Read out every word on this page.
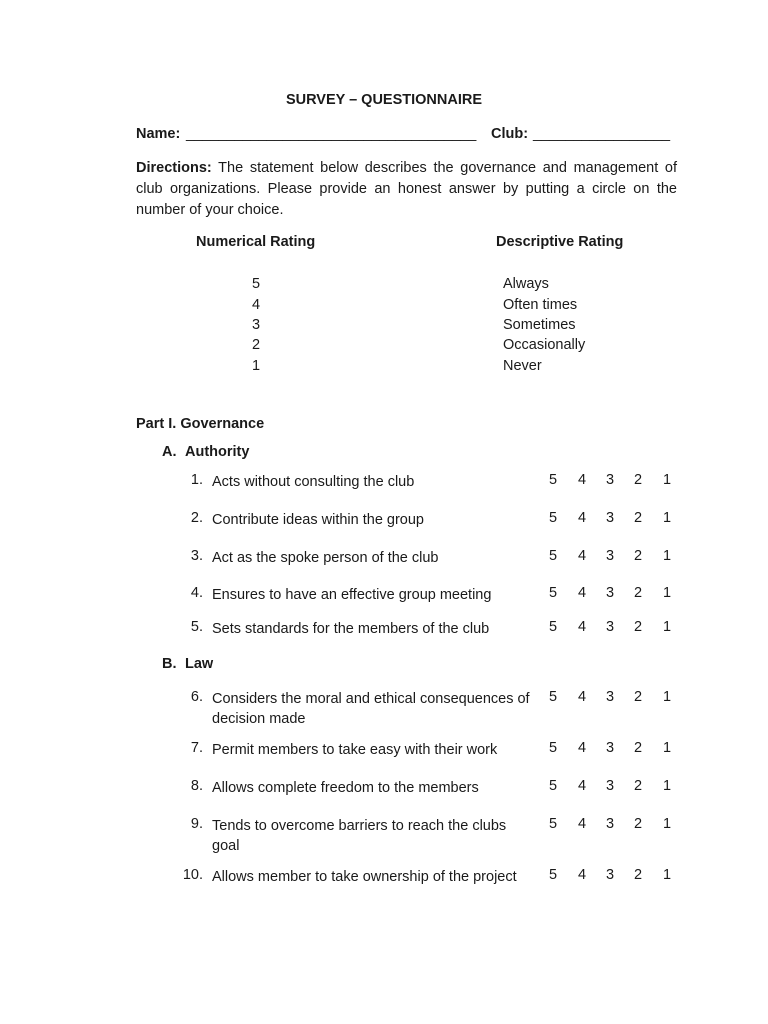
SURVEY – QUESTIONNAIRE
Name: ____________________________________ Club: _________________
Directions: The statement below describes the governance and management of club organizations. Please provide an honest answer by putting a circle on the number of your choice.
Numerical Rating	Descriptive Rating
5	Always
4	Often times
3	Sometimes
2	Occasionally
1	Never
Part I. Governance
A. Authority
B. Law
1. Acts without consulting the club	5 4 3 2 1
2. Contribute ideas within the group	5 4 3 2 1
3. Act as the spoke person of the club	5 4 3 2 1
4. Ensures to have an effective group meeting	5 4 3 2 1
5. Sets standards for the members of the club	5 4 3 2 1
6. Considers the moral and ethical consequences of decision made
5 4 3 2 1
7. Permit members to take easy with their work	5 4 3 2 1
8. Allows complete freedom to the members	5 4 3 2 1
9. Tends to overcome barriers to reach the clubs goal
5 4 3 2 1
10. Allows member to take ownership of the project	5 4 3 2 1
